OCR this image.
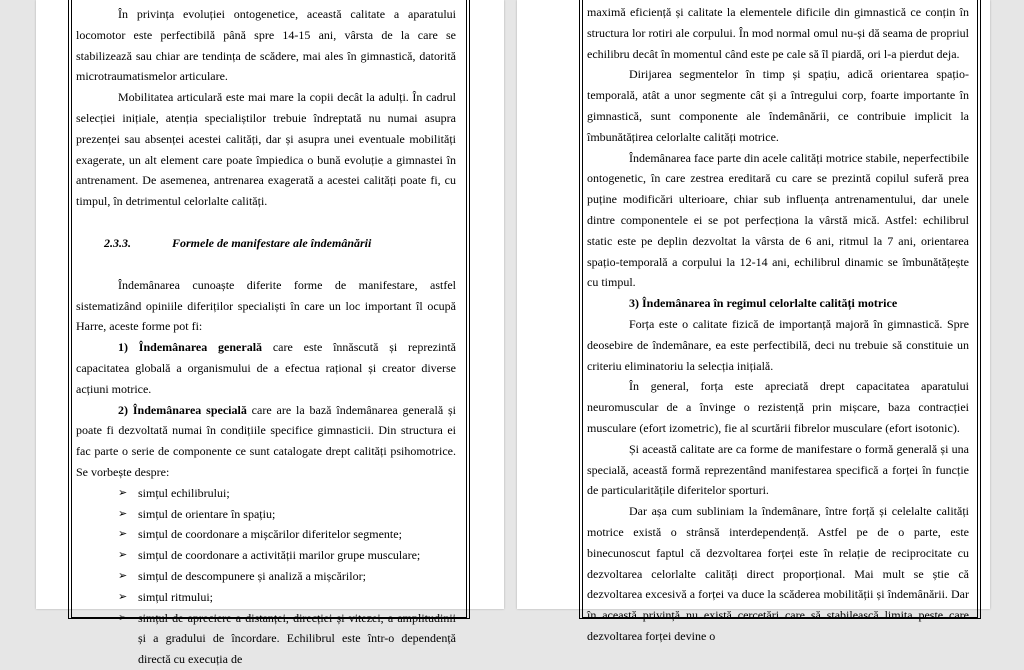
În privința evoluției ontogenetice, această calitate a aparatului locomotor este perfectibilă până spre 14-15 ani, vârsta de la care se stabilizează sau chiar are tendința de scădere, mai ales în gimnastică, datorită microtraumatismelor articulare.

Mobilitatea articulară este mai mare la copii decât la adulți. În cadrul selecției inițiale, atenția specialiștilor trebuie îndreptată nu numai asupra prezenței sau absenței acestei calități, dar și asupra unei eventuale mobilități exagerate, un alt element care poate împiedica o bună evoluție a gimnastei în antrenament. De asemenea, antrenarea exagerată a acestei calități poate fi, cu timpul, în detrimentul celorlalte calități.

2.3.3.	Formele de manifestare ale îndemânării

Îndemânarea cunoaște diferite forme de manifestare, astfel sistematizând opiniile diferiților specialiști în care un loc important îl ocupă Harre, aceste forme pot fi:

1) Îndemânarea generală care este înnăscută și reprezintă capacitatea globală a organismului de a efectua rațional și creator diverse acțiuni motrice.

2) Îndemânarea specială care are la bază îndemânarea generală și poate fi dezvoltată numai în condițiile specifice gimnasticii. Din structura ei fac parte o serie de componente ce sunt catalogate drept calități psihomotrice. Se vorbește despre:

➢ simțul echilibrului;
➢ simțul de orientare în spațiu;
➢ simțul de coordonare a mișcărilor diferitelor segmente;
➢ simțul de coordonare a activității marilor grupe musculare;
➢ simțul de descompunere și analiză a mișcărilor;
➢ simțul ritmului;
➢ simțul de apreciere a distanței, direcției și vitezei, a amplitudinii și a gradului de încordare. Echilibrul este într-o dependență directă cu execuția de

maximă eficiență și calitate la elementele dificile din gimnastică ce conțin în structura lor rotiri ale corpului. În mod normal omul nu-și dă seama de propriul echilibru decât în momentul când este pe cale să îl piardă, ori l-a pierdut deja.

Dirijarea segmentelor în timp și spațiu, adică orientarea spațio-temporală, atât a unor segmente cât și a întregului corp, foarte importante în gimnastică, sunt componente ale îndemânării, ce contribuie implicit la îmbunătățirea celorlalte calități motrice.

Îndemânarea face parte din acele calități motrice stabile, neperfectibile ontogenetic, în care zestrea ereditară cu care se prezintă copilul suferă prea puține modificări ulterioare, chiar sub influența antrenamentului, dar unele dintre componentele ei se pot perfecționa la vârstă mică. Astfel: echilibrul static este pe deplin dezvoltat la vârsta de 6 ani, ritmul la 7 ani, orientarea spațio-temporală a corpului la 12-14 ani, echilibrul dinamic se îmbunătățește cu timpul.

3) Îndemânarea în regimul celorlalte calități motrice

Forța este o calitate fizică de importanță majoră în gimnastică. Spre deosebire de îndemânare, ea este perfectibilă, deci nu trebuie să constituie un criteriu eliminatoriu la selecția inițială.

În general, forța este apreciată drept capacitatea aparatului neuromuscular de a învinge o rezistență prin mișcare, baza contracției musculare (efort izometric), fie al scurtării fibrelor musculare (efort isotonic).

Și această calitate are ca forme de manifestare o formă generală și una specială, această formă reprezentând manifestarea specifică a forței în funcție de particularitățile diferitelor sporturi.

Dar așa cum subliniam la îndemânare, între forță și celelalte calități motrice există o strânsă interdependență. Astfel pe de o parte, este binecunoscut faptul că dezvoltarea forței este în relație de reciprocitate cu dezvoltarea celorlalte calități direct proporțional. Mai mult se știe că dezvoltarea excesivă a forței va duce la scăderea mobilității și îndemânării. Dar în această privință nu există cercetări care să stabilească limita peste care dezvoltarea forței devine o
